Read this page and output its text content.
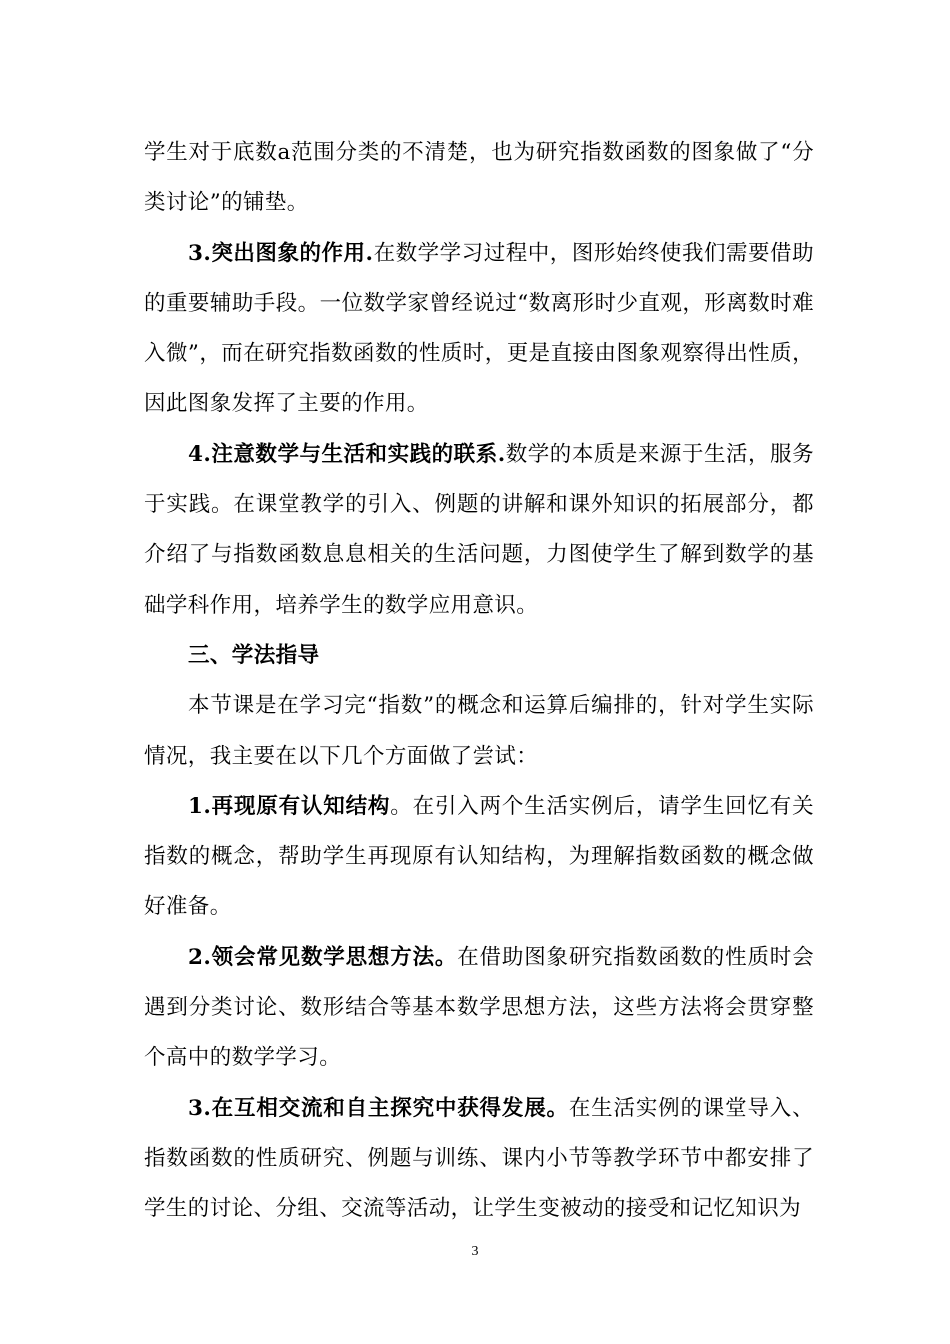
学生对于底数a范围分类的不清楚，也为研究指数函数的图象做了“分类讨论”的铺垫。

3.突出图象的作用.在数学学习过程中，图形始终使我们需要借助的重要辅助手段。一位数学家曾经说过“数离形时少直观，形离数时难入微”，而在研究指数函数的性质时，更是直接由图象观察得出性质，因此图象发挥了主要的作用。

4.注意数学与生活和实践的联系.数学的本质是来源于生活，服务于实践。在课堂教学的引入、例题的讲解和课外知识的拓展部分，都介绍了与指数函数息息相关的生活问题，力图使学生了解到数学的基础学科作用，培养学生的数学应用意识。

三、学法指导

本节课是在学习完“指数”的概念和运算后编排的，针对学生实际情况，我主要在以下几个方面做了尝试：

1.再现原有认知结构。在引入两个生活实例后，请学生回忆有关指数的概念，帮助学生再现原有认知结构，为理解指数函数的概念做好准备。

2.领会常见数学思想方法。在借助图象研究指数函数的性质时会遇到分类讨论、数形结合等基本数学思想方法，这些方法将会贯穿整个高中的数学学习。

3.在互相交流和自主探究中获得发展。在生活实例的课堂导入、指数函数的性质研究、例题与训练、课内小节等教学环节中都安排了学生的讨论、分组、交流等活动，让学生变被动的接受和记忆知识为

3
